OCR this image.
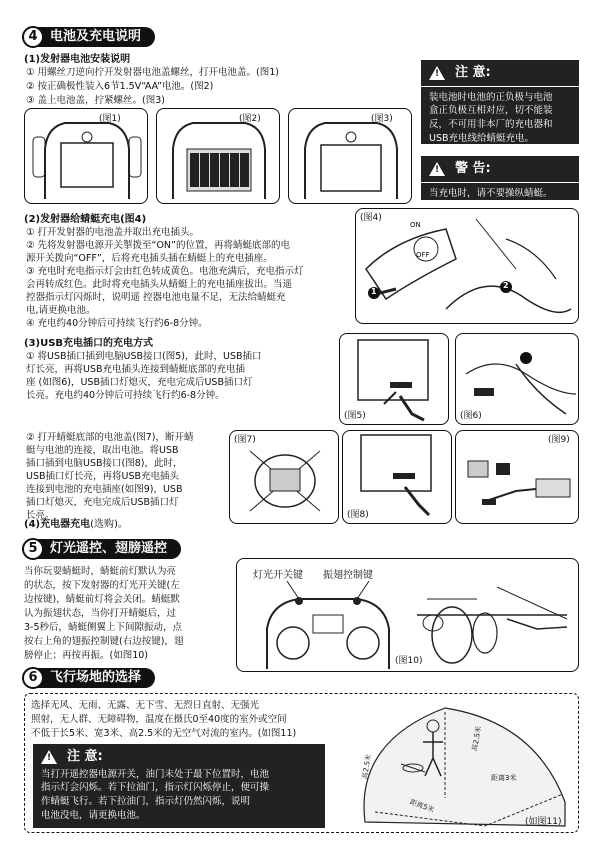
4 电池及充电说明
(1)发射器电池安装说明
① 用螺丝刀逆向拧开发射器电池盖螺丝，打开电池盖。(图1)
② 按正确极性装入6节1.5V“AA”电池。(图2)
③ 盖上电池盖，拧紧螺丝。(图3)
(图1)	(图2)	(图3)
!
注 意:
装电池时电池的正负极与电池
盒正负极互相对应，切不能装
反，不可用非本厂的充电器和
USB充电线给蜻蜓充电。
!
警 告:
当充电时，请不要操纵蜻蜓。
(2)发射器给蜻蜓充电(图4)
① 打开发射器的电池盖并取出充电插头。
② 先将发射器电源开关掣拨至“ON”的位置，再将蜻蜓底部的电
源开关拨向“OFF”，后将充电插头插在蜻蜓上的充电插座。
③ 充电时充电指示灯会由红色转成黄色。电池充满后，充电指示灯
会再转成红色。此时将充电插头从蜻蜓上的充电插座拔出。当遥
控器指示灯闪烁时，说明遥 控器电池电量不足，无法给蜻蜓充
电,请更换电池。
④ 充电约40分钟后可持续飞行约6-8分钟。
(图4)
ON
OFF
1
2
(3)USB充电插口的充电方式
① 将USB插口插到电脑USB接口(图5)，此时，USB插口
灯长亮，再将USB充电插头连接到蜻蜓底部的充电插
座 (如图6)，USB插口灯熄灭，充电完成后USB插口灯
长亮。充电约40分钟后可持续飞行约6-8分钟。
(图5)	(图6)
② 打开蜻蜓底部的电池盖(图7)，断开蜻
蜓与电池的连接，取出电池。将USB
插口插到电脑USB接口(图8)，此时，
USB插口灯长亮，再将USB充电插头
连接到电池的充电插座(如图9)，USB
插口灯熄灭，充电完成后USB插口灯
长亮。
(图7)
(图8)
(图9)
(4)充电器充电(选购)。
5 灯光遥控、翅膀遥控
当你玩耍蜻蜓时，蜻蜓前灯默认为亮
的状态，按下发射器的灯光开关键(左
边按键)，蜻蜓前灯将会关闭。蜻蜓默
认为振翅状态，当你打开蜻蜓后，过
3-5秒后，蜻蜓侧翼上下间隙振动，点
按右上角的翅振控制键(右边按键)，翅
膀停止；再按再振。(如图10)
灯光开关键 振翅控制键
(图10)
6 飞行场地的选择
选择无风、无雨、无露、无下雪、无烈日直射、无强光
照射，无人群、无障碍物，温度在摄氏0至40度的室外或空间
不低于长5米、宽3米、高2.5米的无空气对流的室内。(如图11)
!
注 意:
当打开遥控器电源开关，油门未处于最下位置时，电池
指示灯会闪烁。若下拉油门，指示灯闪烁停止，便可操
作蜻蜓飞行。若下拉油门，指示灯仍然闪烁，说明
电池没电，请更换电池。
高2.5米
高2.5米
距离5米
距离3米
(如图11)
